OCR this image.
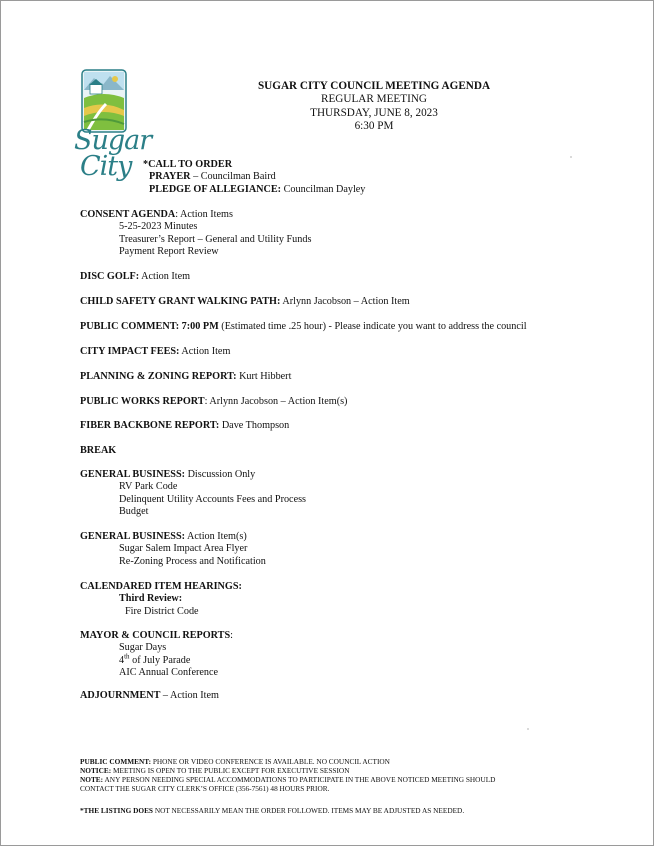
Sugar
City
SUGAR CITY COUNCIL MEETING AGENDA
REGULAR MEETING
THURSDAY, JUNE 8, 2023
6:30 PM
*CALL TO ORDER
PRAYER – Councilman Baird
PLEDGE OF ALLEGIANCE: Councilman Dayley
CONSENT AGENDA: Action Items
5-25-2023 Minutes
Treasurer’s Report – General and Utility Funds
Payment Report Review
DISC GOLF: Action Item
CHILD SAFETY GRANT WALKING PATH: Arlynn Jacobson – Action Item
PUBLIC COMMENT: 7:00 PM (Estimated time .25 hour) - Please indicate you want to address the council
CITY IMPACT FEES: Action Item
PLANNING & ZONING REPORT: Kurt Hibbert
PUBLIC WORKS REPORT: Arlynn Jacobson – Action Item(s)
FIBER BACKBONE REPORT: Dave Thompson
BREAK
GENERAL BUSINESS: Discussion Only
RV Park Code
Delinquent Utility Accounts Fees and Process
Budget
GENERAL BUSINESS: Action Item(s)
Sugar Salem Impact Area Flyer
Re-Zoning Process and Notification
CALENDARED ITEM HEARINGS:
Third Review:
Fire District Code
MAYOR & COUNCIL REPORTS:
Sugar Days
4th of July Parade
AIC Annual Conference
ADJOURNMENT – Action Item
PUBLIC COMMENT: PHONE OR VIDEO CONFERENCE IS AVAILABLE. NO COUNCIL ACTION
NOTICE: MEETING IS OPEN TO THE PUBLIC EXCEPT FOR EXECUTIVE SESSION
NOTE: ANY PERSON NEEDING SPECIAL ACCOMMODATIONS TO PARTICIPATE IN THE ABOVE NOTICED MEETING SHOULD
CONTACT THE SUGAR CITY CLERK’S OFFICE (356-7561) 48 HOURS PRIOR.
*THE LISTING DOES NOT NECESSARILY MEAN THE ORDER FOLLOWED. ITEMS MAY BE ADJUSTED AS NEEDED.
